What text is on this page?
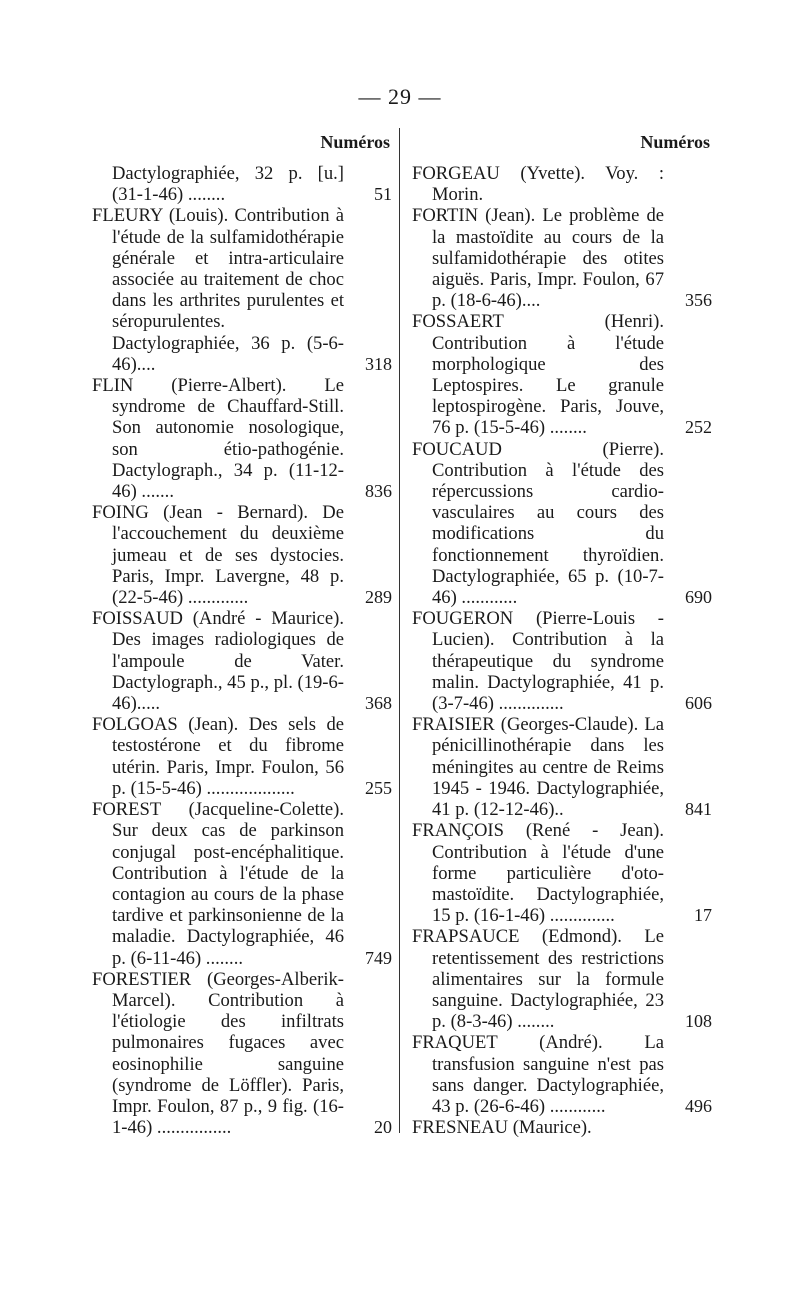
— 29 —
Numéros
Dactylographiée, 32 p. [u.] (31-1-46) ........	51
FLEURY (Louis). Contribution à l'étude de la sulfamidothérapie générale et intra-articulaire associée au traitement de choc dans les arthrites purulentes et séropurulentes. Dactylographiée, 36 p. (5-6-46)....	318
FLIN (Pierre-Albert). Le syndrome de Chauffard-Still. Son autonomie nosologique, son étio-pathogénie. Dactylograph., 34 p. (11-12-46) .......	836
FOING (Jean - Bernard). De l'accouchement du deuxième jumeau et de ses dystocies. Paris, Impr. Lavergne, 48 p. (22-5-46) .............	289
FOISSAUD (André - Maurice). Des images radiologiques de l'ampoule de Vater. Dactylograph., 45 p., pl. (19-6-46).....	368
FOLGOAS (Jean). Des sels de testostérone et du fibrome utérin. Paris, Impr. Foulon, 56 p. (15-5-46) ...................	255
FOREST (Jacqueline-Colette). Sur deux cas de parkinson conjugal post-encéphalitique. Contribution à l'étude de la contagion au cours de la phase tardive et parkinsonienne de la maladie. Dactylographiée, 46 p. (6-11-46) ........	749
FORESTIER (Georges-Alberik-Marcel). Contribution à l'étiologie des infiltrats pulmonaires fugaces avec eosinophilie sanguine (syndrome de Löffler). Paris, Impr. Foulon, 87 p., 9 fig. (16-1-46) ................	20
Numéros
FORGEAU (Yvette). Voy. : Morin.
FORTIN (Jean). Le problème de la mastoïdite au cours de la sulfamidothérapie des otites aiguës. Paris, Impr. Foulon, 67 p. (18-6-46)....	356
FOSSAERT (Henri). Contribution à l'étude morphologique des Leptospires. Le granule leptospirogène. Paris, Jouve, 76 p. (15-5-46) ........	252
FOUCAUD (Pierre). Contribution à l'étude des répercussions cardio-vasculaires au cours des modifications du fonctionnement thyroïdien. Dactylographiée, 65 p. (10-7-46) ............	690
FOUGERON (Pierre-Louis - Lucien). Contribution à la thérapeutique du syndrome malin. Dactylographiée, 41 p. (3-7-46) ..............	606
FRAISIER (Georges-Claude). La pénicillinothérapie dans les méningites au centre de Reims 1945 - 1946. Dactylographiée, 41 p. (12-12-46)..	841
FRANÇOIS (René - Jean). Contribution à l'étude d'une forme particulière d'oto-mastoïdite. Dactylographiée, 15 p. (16-1-46) ..............	17
FRAPSAUCE (Edmond). Le retentissement des restrictions alimentaires sur la formule sanguine. Dactylographiée, 23 p. (8-3-46) ........	108
FRAQUET (André). La transfusion sanguine n'est pas sans danger. Dactylographiée, 43 p. (26-6-46) ............	496
FRESNEAU (Maurice).
